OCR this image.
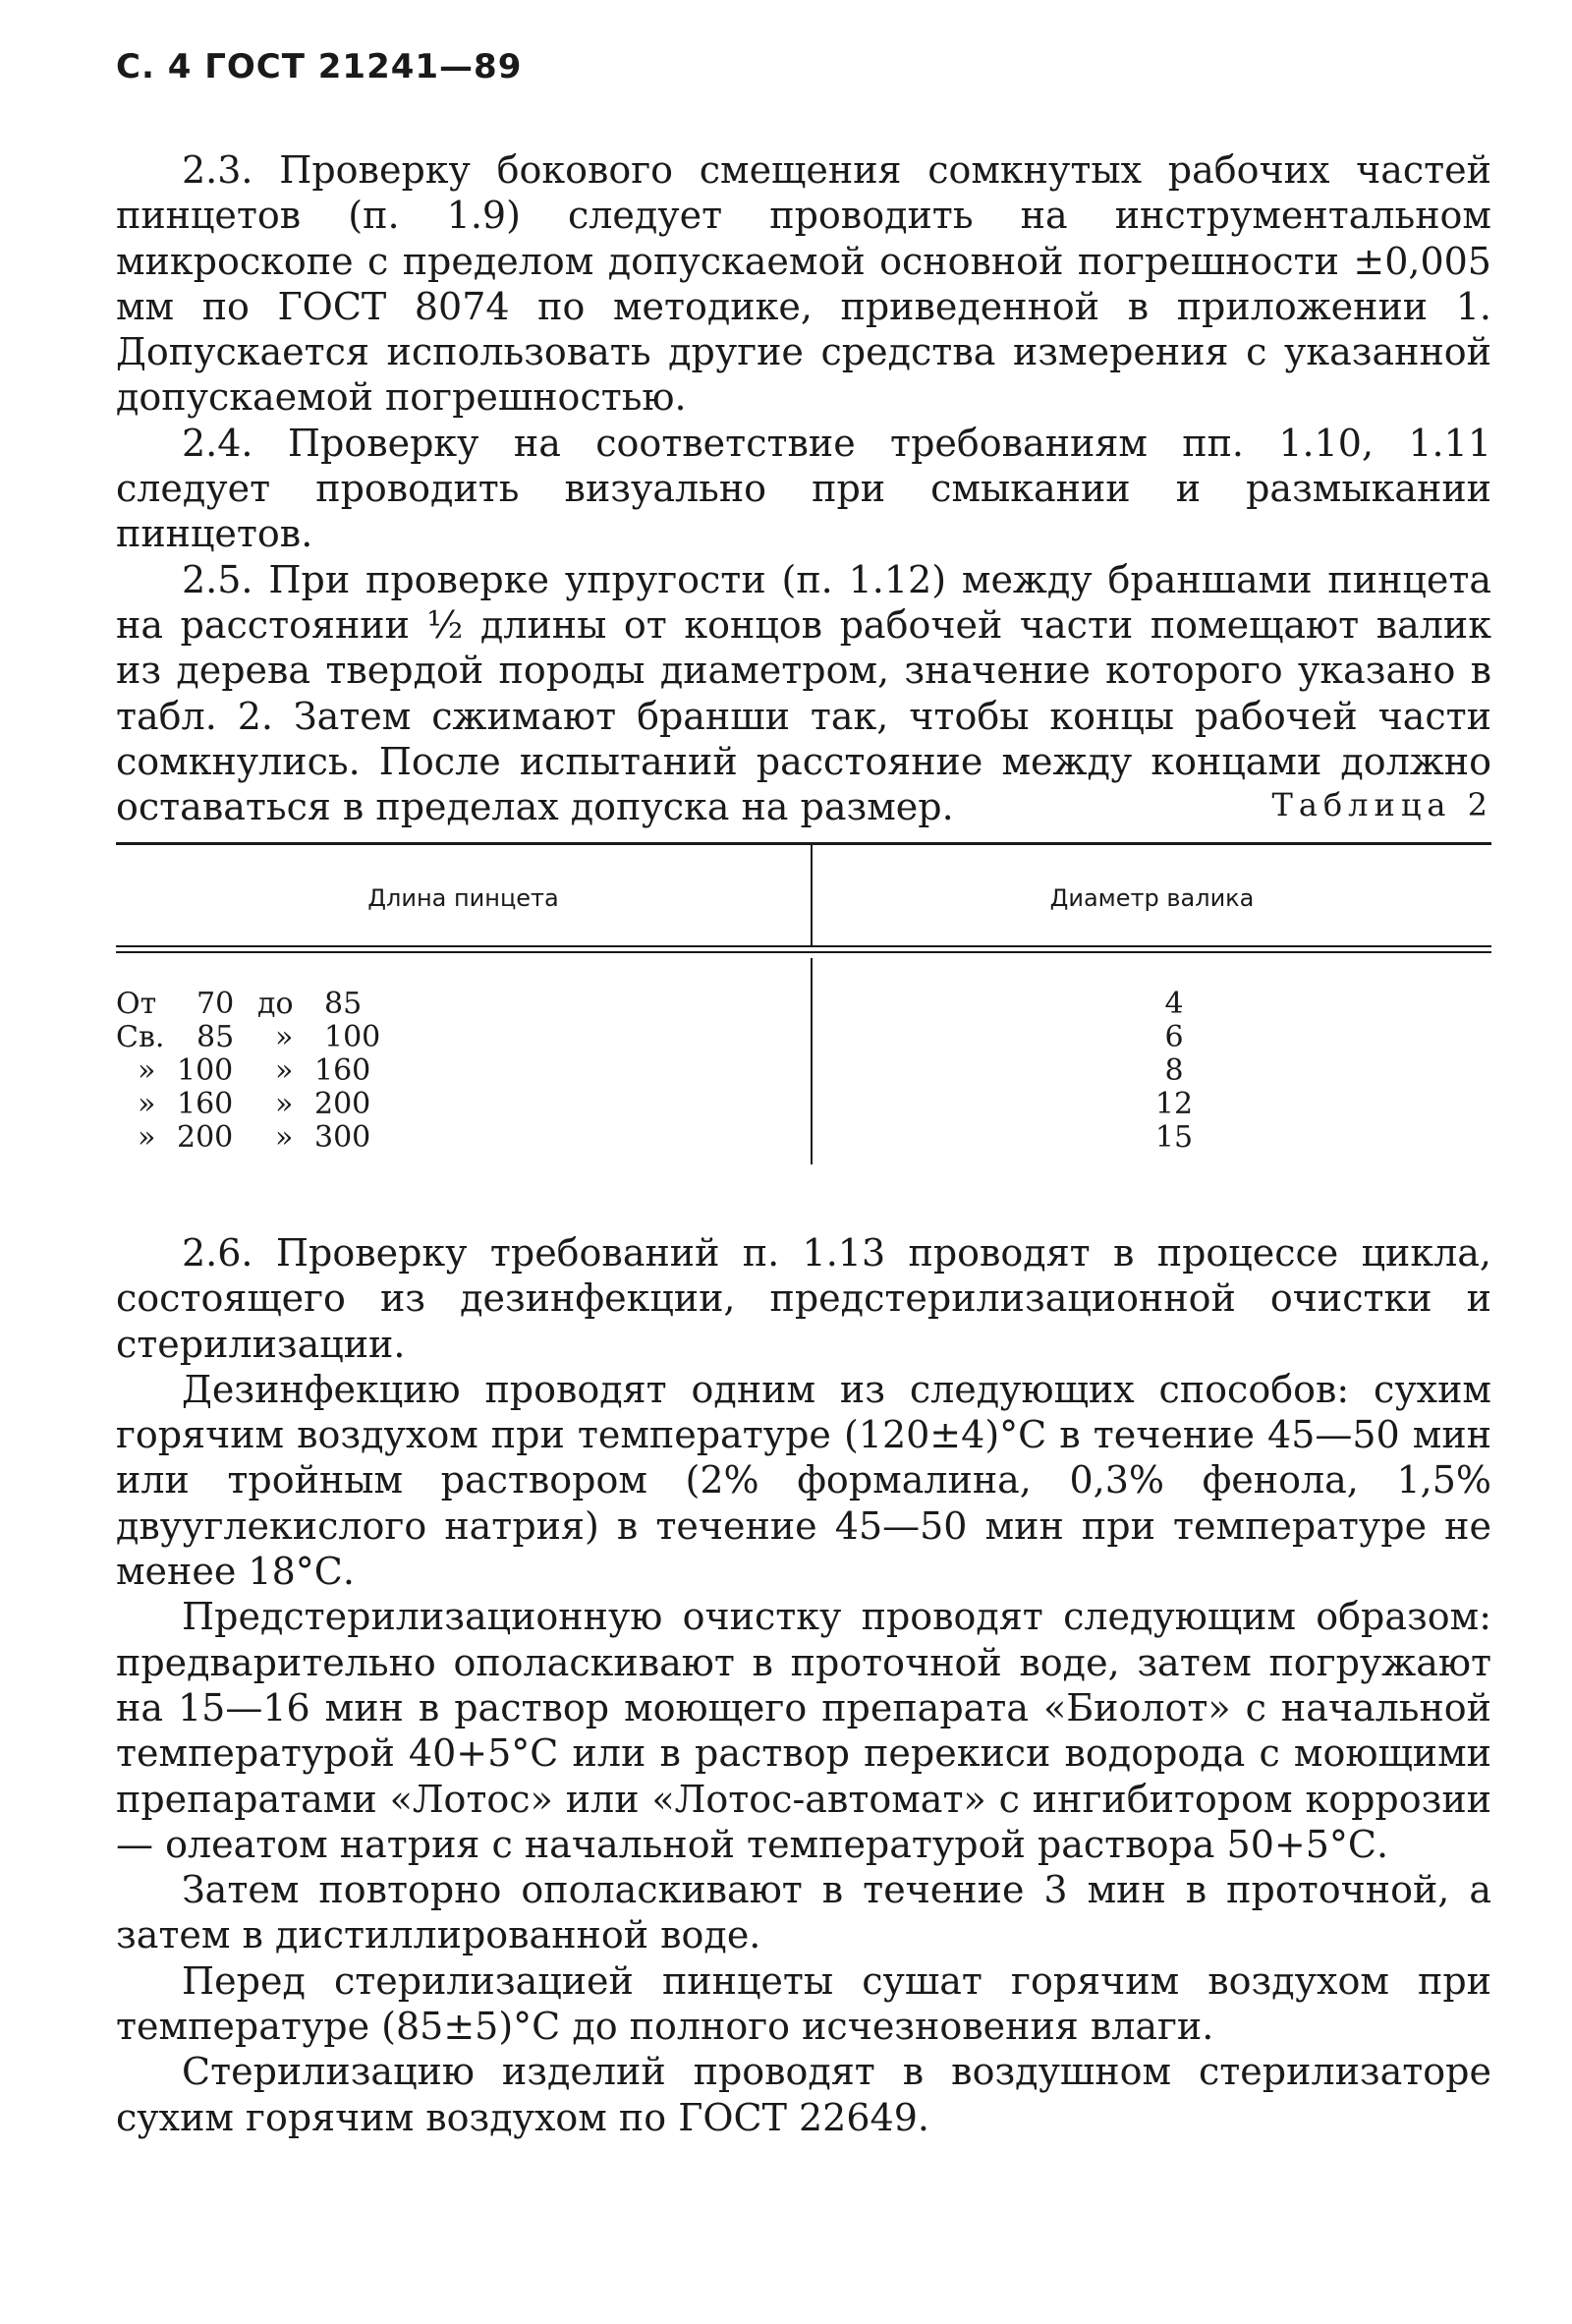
С. 4 ГОСТ 21241—89

2.3. Проверку бокового смещения сомкнутых рабочих частей пинцетов (п. 1.9) следует проводить на инструментальном микроскопе с пределом допускаемой основной погрешности ±0,005 мм по ГОСТ 8074 по методике, приведенной в приложении 1. Допускается использовать другие средства измерения с указанной допускаемой погрешностью.

2.4. Проверку на соответствие требованиям пп. 1.10, 1.11 следует проводить визуально при смыкании и размыкании пинцетов.

2.5. При проверке упругости (п. 1.12) между браншами пинцета на расстоянии ½ длины от концов рабочей части помещают валик из дерева твердой породы диаметром, значение которого указано в табл. 2. Затем сжимают бранши так, чтобы концы рабочей части сомкнулись. После испытаний расстояние между концами должно оставаться в пределах допуска на размер.	Таблица 2
Длина пинцета	Диаметр валика
От 70 до 85	4
Св. 85 » 100	6
» 100 » 160	8
» 160 » 200	12
» 200 » 300	15

2.6. Проверку требований п. 1.13 проводят в процессе цикла, состоящего из дезинфекции, предстерилизационной очистки и стерилизации.

Дезинфекцию проводят одним из следующих способов: сухим горячим воздухом при температуре (120±4)°С в течение 45—50 мин или тройным раствором (2% формалина, 0,3% фенола, 1,5% двууглекислого натрия) в течение 45—50 мин при температуре не менее 18°С.

Предстерилизационную очистку проводят следующим образом: предварительно ополаскивают в проточной воде, затем погружают на 15—16 мин в раствор моющего препарата «Биолот» с начальной температурой 40+5°С или в раствор перекиси водорода с моющими препаратами «Лотос» или «Лотос-автомат» с ингибитором коррозии — олеатом натрия с начальной температурой раствора 50+5°С.

Затем повторно ополаскивают в течение 3 мин в проточной, а затем в дистиллированной воде.

Перед стерилизацией пинцеты сушат горячим воздухом при температуре (85±5)°С до полного исчезновения влаги.

Стерилизацию изделий проводят в воздушном стерилизаторе сухим горячим воздухом по ГОСТ 22649.
